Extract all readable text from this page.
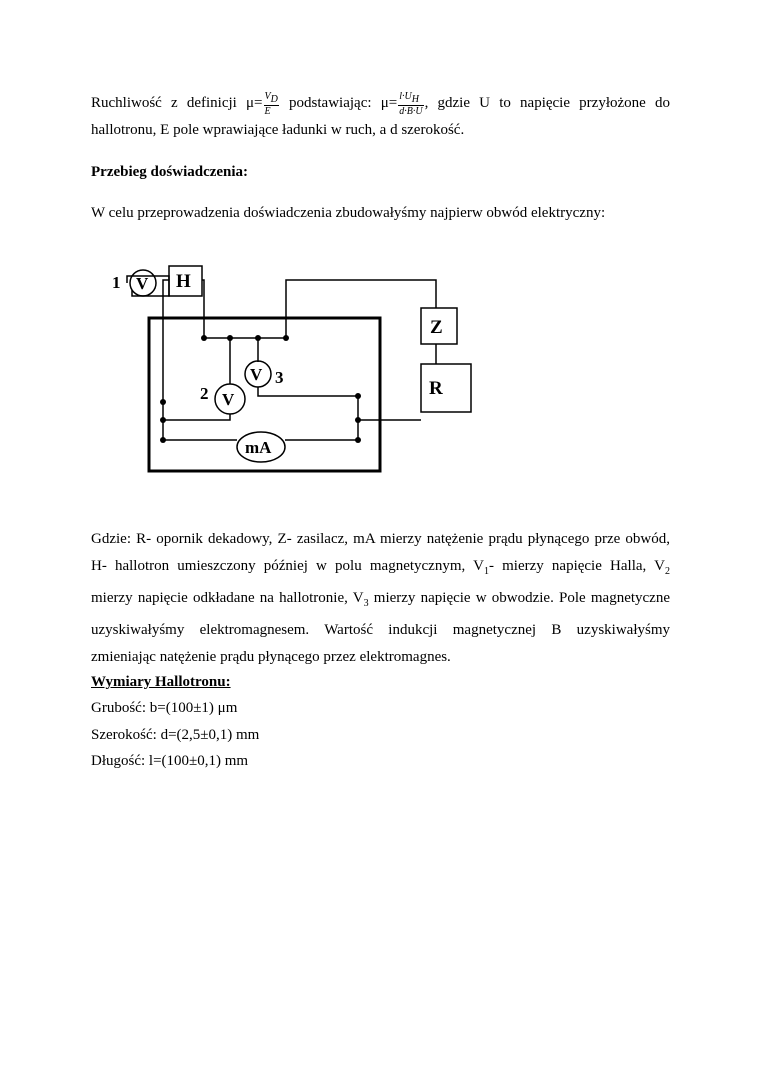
Ruchliwość z definicji $\mu= \frac{V_D}{E}$ podstawiając: $\mu= \frac{l\cdot U_H}{d\cdot B\cdot U}$ , gdzie U to napięcie przyłożone do
hallotronu, E pole wprawiające ładunki w ruch, a d szerokość.
Przebieg doświadczenia:
W celu przeprowadzenia doświadczenia zbudowałyśmy najpierw obwód elektryczny:
1 V H
Z
R
V 3
V
2
mA
Gdzie: R- opornik dekadowy, Z- zasilacz, mA mierzy natężenie prądu płynącego prze obwód,
H- hallotron umieszczony później w polu magnetycznym, $V_1-$ mierzy napięcie Halla, $V_2$
mierzy napięcie odkładane na hallotronie, $V_3$ mierzy napięcie w obwodzie. Pole magnetyczne
uzyskiwałyśmy elektromagnesem. Wartość indukcji magnetycznej B uzyskiwałyśmy
zmieniając natężenie prądu płynącego przez elektromagnes.
Wymiary Hallotronu:
Grubość: b=(100±1) μm
Szerokość: d=(2,5±0,1) mm
Długość: l=(100±0,1) mm
